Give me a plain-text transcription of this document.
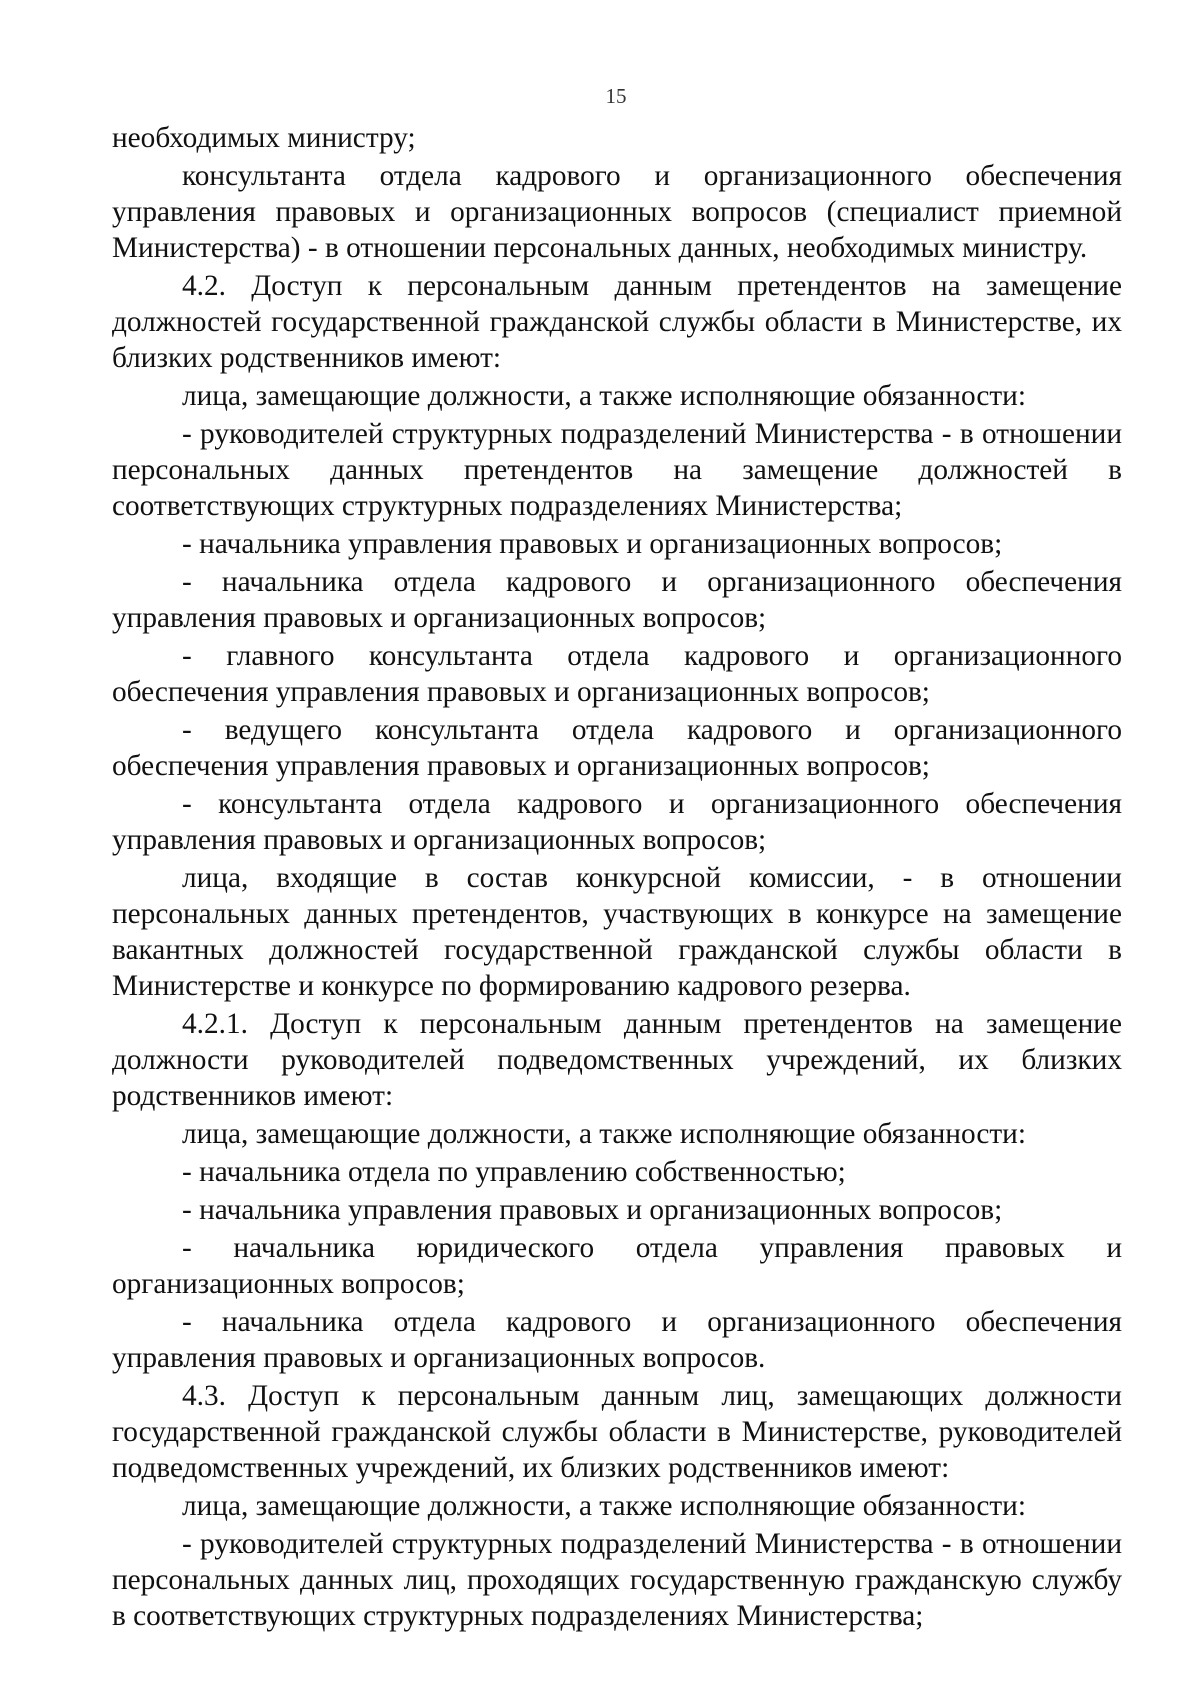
15

необходимых министру;

консультанта отдела кадрового и организационного обеспечения управления правовых и организационных вопросов (специалист приемной Министерства) - в отношении персональных данных, необходимых министру.

4.2. Доступ к персональным данным претендентов на замещение должностей государственной гражданской службы области в Министерстве, их близких родственников имеют:

лица, замещающие должности, а также исполняющие обязанности:

- руководителей структурных подразделений Министерства - в отношении персональных данных претендентов на замещение должностей в соответствующих структурных подразделениях Министерства;

- начальника управления правовых и организационных вопросов;

- начальника отдела кадрового и организационного обеспечения управления правовых и организационных вопросов;

- главного консультанта отдела кадрового и организационного обеспечения управления правовых и организационных вопросов;

- ведущего консультанта отдела кадрового и организационного обеспечения управления правовых и организационных вопросов;

- консультанта отдела кадрового и организационного обеспечения управления правовых и организационных вопросов;

лица, входящие в состав конкурсной комиссии, - в отношении персональных данных претендентов, участвующих в конкурсе на замещение вакантных должностей государственной гражданской службы области в Министерстве и конкурсе по формированию кадрового резерва.

4.2.1. Доступ к персональным данным претендентов на замещение должности руководителей подведомственных учреждений, их близких родственников имеют:

лица, замещающие должности, а также исполняющие обязанности:

- начальника отдела по управлению собственностью;

- начальника управления правовых и организационных вопросов;

- начальника юридического отдела управления правовых и организационных вопросов;

- начальника отдела кадрового и организационного обеспечения управления правовых и организационных вопросов.

4.3. Доступ к персональным данным лиц, замещающих должности государственной гражданской службы области в Министерстве, руководителей подведомственных учреждений, их близких родственников имеют:

лица, замещающие должности, а также исполняющие обязанности:

- руководителей структурных подразделений Министерства - в отношении персональных данных лиц, проходящих государственную гражданскую службу в соответствующих структурных подразделениях Министерства;
